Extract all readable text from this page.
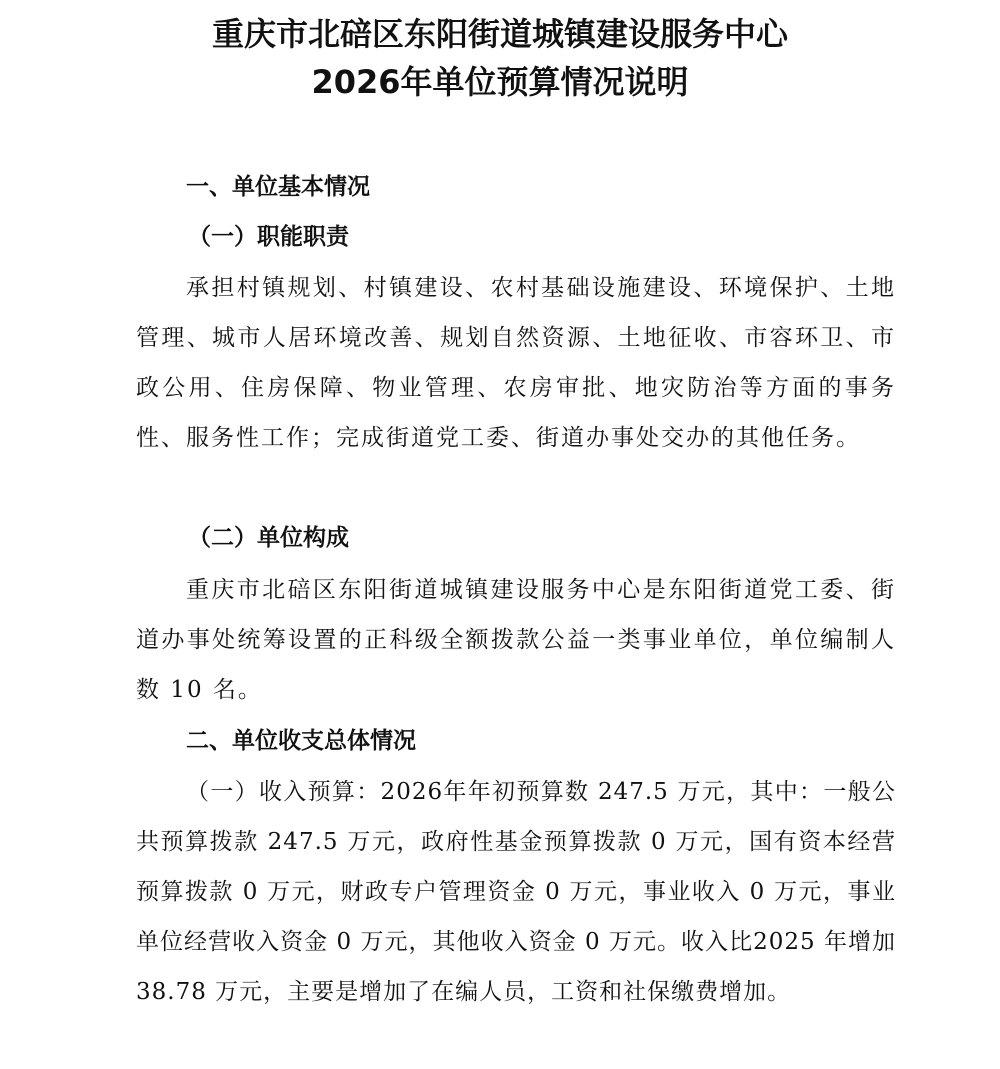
重庆市北碚区东阳街道城镇建设服务中心
2026年单位预算情况说明
一、单位基本情况
（一）职能职责

承担村镇规划、村镇建设、农村基础设施建设、环境保护、土地管理、城市人居环境改善、规划自然资源、土地征收、市容环卫、市政公用、住房保障、物业管理、农房审批、地灾防治等方面的事务性、服务性工作；完成街道党工委、街道办事处交办的其他任务。

（二）单位构成

重庆市北碚区东阳街道城镇建设服务中心是东阳街道党工委、街道办事处统筹设置的正科级全额拨款公益一类事业单位，单位编制人数 10 名。

二、单位收支总体情况

（一）收入预算：2026年年初预算数 247.5 万元，其中：一般公共预算拨款 247.5 万元，政府性基金预算拨款 0 万元，国有资本经营预算拨款 0 万元，财政专户管理资金 0 万元，事业收入 0 万元，事业单位经营收入资金 0 万元，其他收入资金 0 万元。收入比2025 年增加 38.78 万元，主要是增加了在编人员，工资和社保缴费增加。
